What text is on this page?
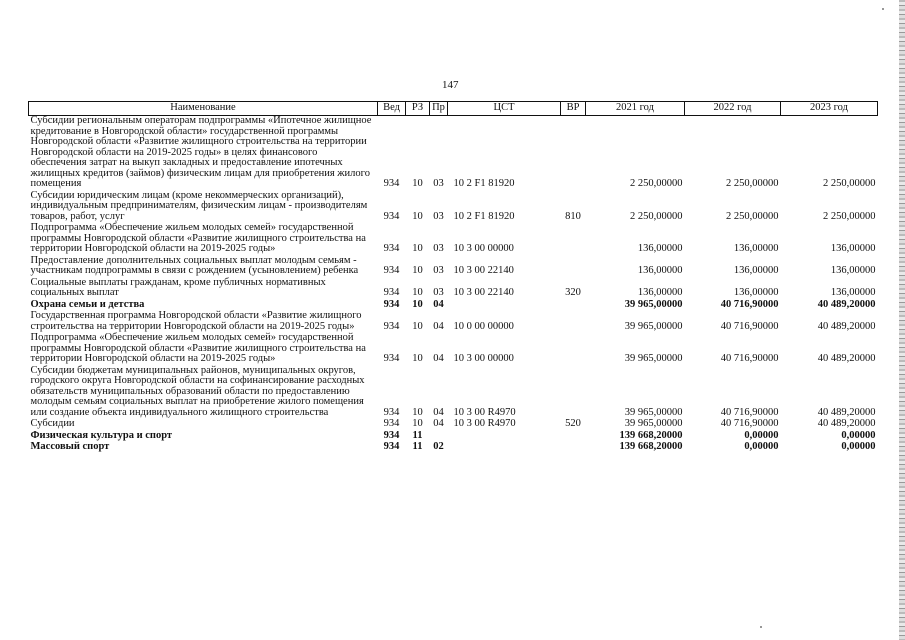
147
Наименование	Вед	РЗ	Пр	ЦСТ	ВР	2021 год	2022 год	2023 год
Субсидии региональным операторам подпрограммы «Ипотечное жилищное кредитование в Новгородской области» государственной программы Новгородской области «Развитие жилищного строительства на территории Новгородской области на 2019-2025 годы» в целях финансового обеспечения затрат на выкуп закладных и предоставление ипотечных жилищных кредитов (займов) физическим лицам для приобретения жилого помещения	934	10	03	10 2 F1 81920		2 250,00000	2 250,00000	2 250,00000
Субсидии юридическим лицам (кроме некоммерческих организаций), индивидуальным предпринимателям, физическим лицам - производителям товаров, работ, услуг	934	10	03	10 2 F1 81920	810	2 250,00000	2 250,00000	2 250,00000
Подпрограмма «Обеспечение жильем молодых семей» государственной программы Новгородской области «Развитие жилищного строительства на территории Новгородской области на 2019-2025 годы»	934	10	03	10 3 00 00000		136,00000	136,00000	136,00000
Предоставление дополнительных социальных выплат молодым семьям - участникам подпрограммы в связи с рождением (усыновлением) ребенка	934	10	03	10 3 00 22140		136,00000	136,00000	136,00000
Социальные выплаты гражданам, кроме публичных нормативных социальных выплат	934	10	03	10 3 00 22140	320	136,00000	136,00000	136,00000
Охрана семьи и детства	934	10	04			39 965,00000	40 716,90000	40 489,20000
Государственная программа Новгородской области «Развитие жилищного строительства на территории Новгородской области на 2019-2025 годы»	934	10	04	10 0 00 00000		39 965,00000	40 716,90000	40 489,20000
Подпрограмма «Обеспечение жильем молодых семей» государственной программы Новгородской области «Развитие жилищного строительства на территории Новгородской области на 2019-2025 годы»	934	10	04	10 3 00 00000		39 965,00000	40 716,90000	40 489,20000
Субсидии бюджетам муниципальных районов, муниципальных округов, городского округа Новгородской области на софинансирование расходных обязательств муниципальных образований области по предоставлению молодым семьям социальных выплат на приобретение жилого помещения или создание объекта индивидуального жилищного строительства	934	10	04	10 3 00 R4970		39 965,00000	40 716,90000	40 489,20000
Субсидии	934	10	04	10 3 00 R4970	520	39 965,00000	40 716,90000	40 489,20000
Физическая культура и спорт	934	11				139 668,20000	0,00000	0,00000
Массовый спорт	934	11	02			139 668,20000	0,00000	0,00000
